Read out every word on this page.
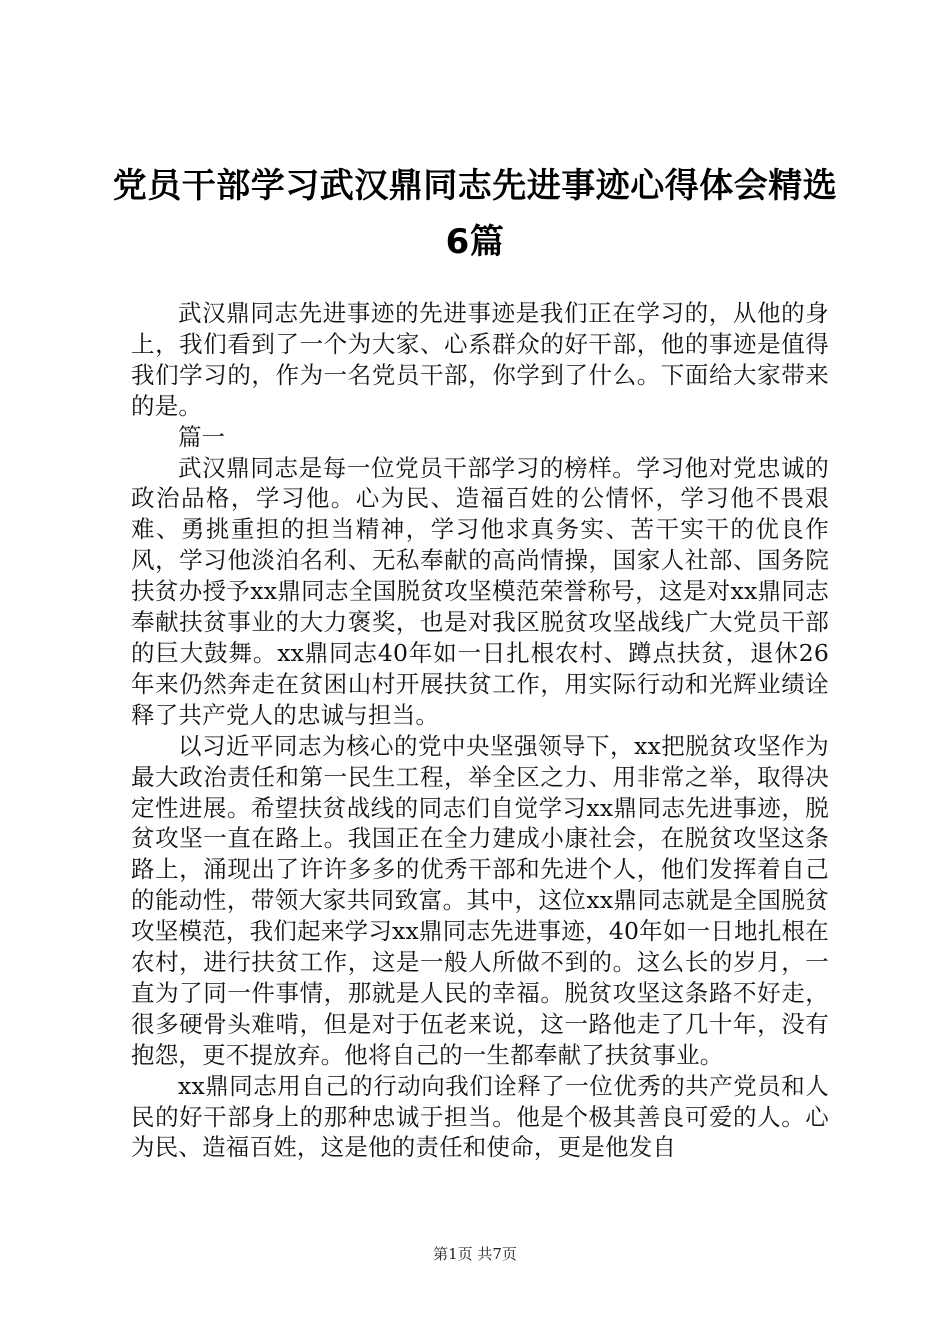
党员干部学习武汉鼎同志先进事迹心得体会精选6篇

武汉鼎同志先进事迹的先进事迹是我们正在学习的，从他的身上，我们看到了一个为大家、心系群众的好干部，他的事迹是值得我们学习的，作为一名党员干部，你学到了什么。下面给大家带来的是。

篇一

武汉鼎同志是每一位党员干部学习的榜样。学习他对党忠诚的政治品格，学习他。心为民、造福百姓的公情怀，学习他不畏艰难、勇挑重担的担当精神，学习他求真务实、苦干实干的优良作风，学习他淡泊名利、无私奉献的高尚情操，国家人社部、国务院扶贫办授予xx鼎同志全国脱贫攻坚模范荣誉称号，这是对xx鼎同志奉献扶贫事业的大力褒奖，也是对我区脱贫攻坚战线广大党员干部的巨大鼓舞。xx鼎同志40年如一日扎根农村、蹲点扶贫，退休26年来仍然奔走在贫困山村开展扶贫工作，用实际行动和光辉业绩诠释了共产党人的忠诚与担当。

以习近平同志为核心的党中央坚强领导下，xx把脱贫攻坚作为最大政治责任和第一民生工程，举全区之力、用非常之举，取得决定性进展。希望扶贫战线的同志们自觉学习xx鼎同志先进事迹，脱贫攻坚一直在路上。我国正在全力建成小康社会，在脱贫攻坚这条路上，涌现出了许许多多的优秀干部和先进个人，他们发挥着自己的能动性，带领大家共同致富。其中，这位xx鼎同志就是全国脱贫攻坚模范，我们起来学习xx鼎同志先进事迹，40年如一日地扎根在农村，进行扶贫工作，这是一般人所做不到的。这么长的岁月，一直为了同一件事情，那就是人民的幸福。脱贫攻坚这条路不好走，很多硬骨头难啃，但是对于伍老来说，这一路他走了几十年，没有抱怨，更不提放弃。他将自己的一生都奉献了扶贫事业。

xx鼎同志用自己的行动向我们诠释了一位优秀的共产党员和人民的好干部身上的那种忠诚于担当。他是个极其善良可爱的人。心为民、造福百姓，这是他的责任和使命，更是他发自

第1页 共7页
